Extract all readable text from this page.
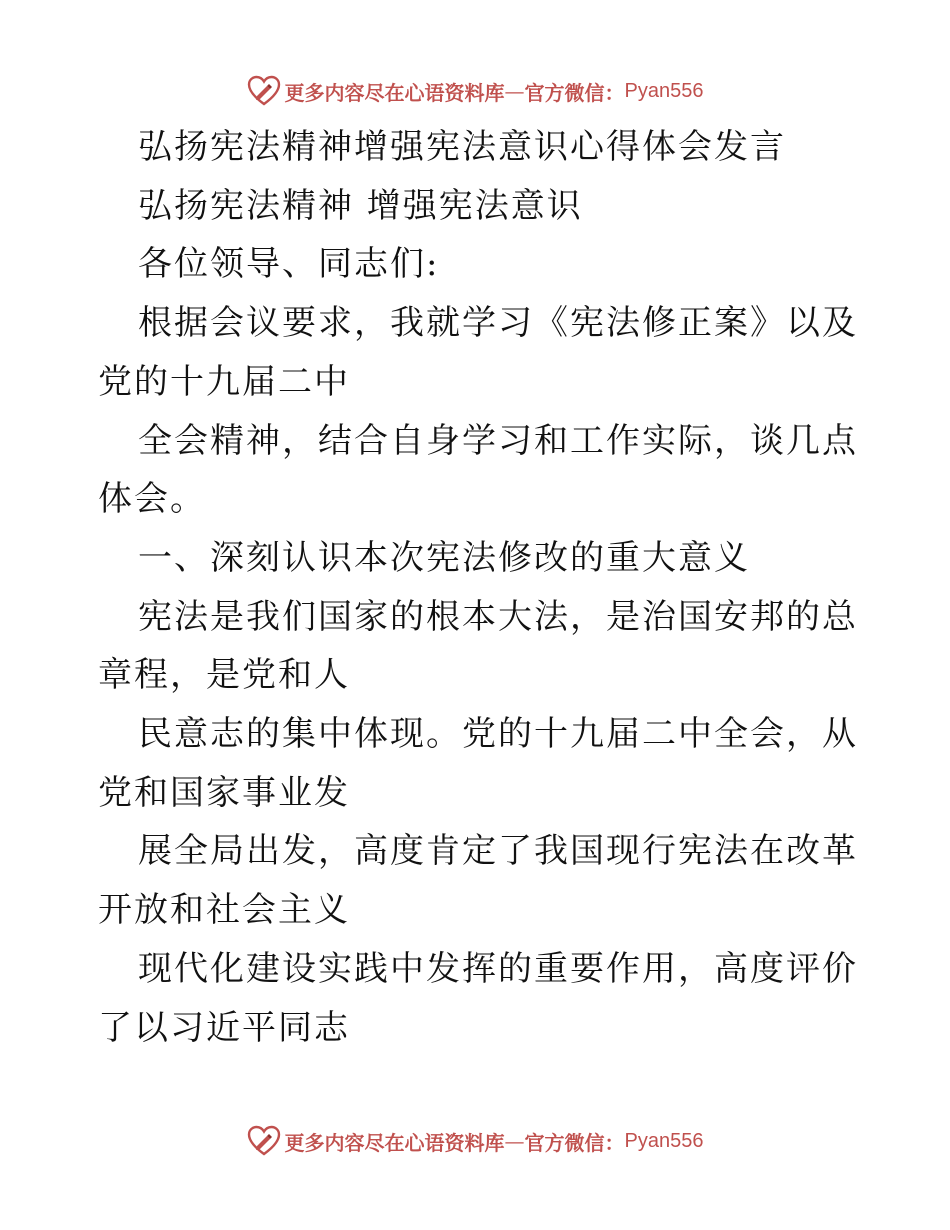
更多内容尽在心语资料库 — 官方微信： Pyan556

弘扬宪法精神增强宪法意识心得体会发言

弘扬宪法精神 增强宪法意识

各位领导、同志们:

根据会议要求，我就学习《宪法修正案》以及党的十九届二中

全会精神，结合自身学习和工作实际，谈几点体会。

一、深刻认识本次宪法修改的重大意义

宪法是我们国家的根本大法，是治国安邦的总章程，是党和人

民意志的集中体现。党的十九届二中全会，从党和国家事业发

展全局出发，高度肯定了我国现行宪法在改革开放和社会主义

现代化建设实践中发挥的重要作用，高度评价了以习近平同志

更多内容尽在心语资料库 — 官方微信： Pyan556
